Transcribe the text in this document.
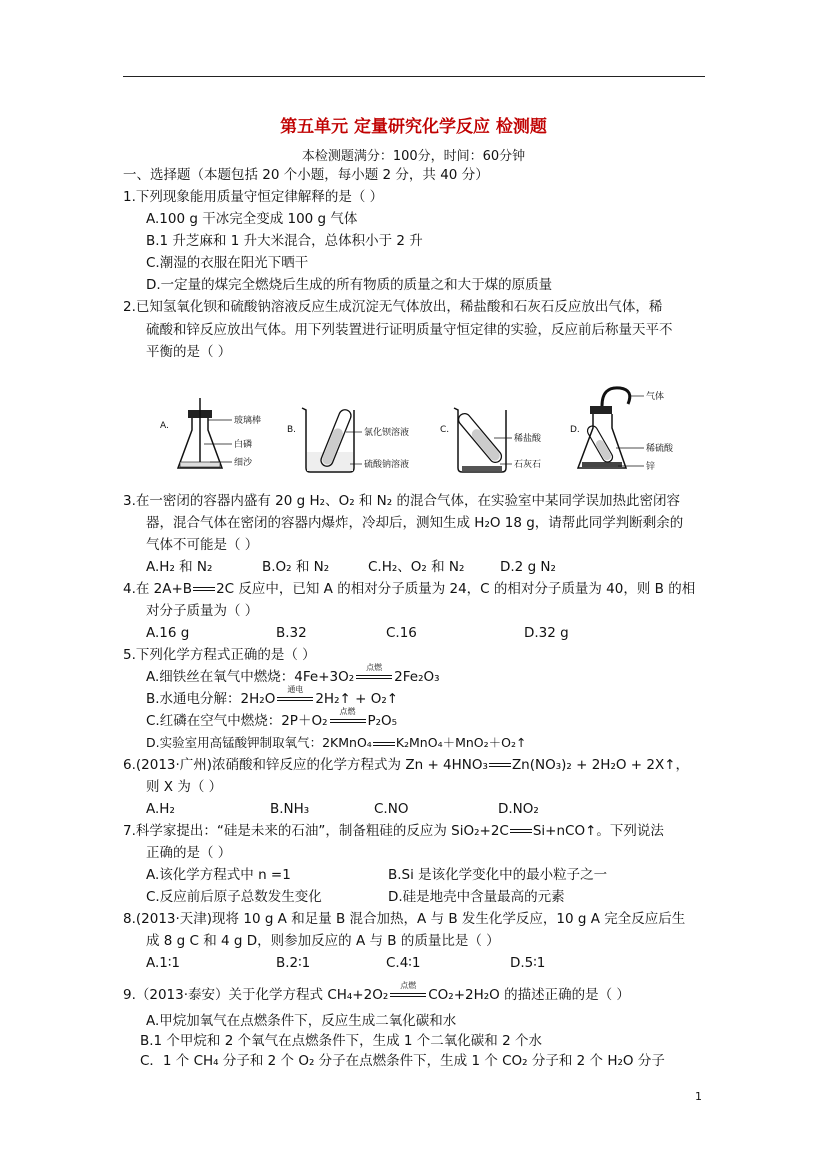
第五单元 定量研究化学反应 检测题
本检测题满分：100分，时间：60分钟
一、选择题（本题包括 20 个小题，每小题 2 分，共 40 分）
1.下列现象能用质量守恒定律解释的是（ ）
A.100 g 干冰完全变成 100 g 气体
B.1 升芝麻和 1 升大米混合，总体积小于 2 升
C.潮湿的衣服在阳光下晒干
D.一定量的煤完全燃烧后生成的所有物质的质量之和大于煤的原质量
2.已知氢氧化钡和硫酸钠溶液反应生成沉淀无气体放出，稀盐酸和石灰石反应放出气体，稀
硫酸和锌反应放出气体。用下列装置进行证明质量守恒定律的实验，反应前后称量天平不
平衡的是（ ）
A.	玻璃棒
白磷
细沙
B.	氯化钡溶液
硫酸钠溶液
C.
稀盐酸
石灰石
D.
气体
稀硫酸
锌
3.在一密闭的容器内盛有 20 g H₂、O₂ 和 N₂ 的混合气体，在实验室中某同学误加热此密闭容
器，混合气体在密闭的容器内爆炸，冷却后，测知生成 H₂O 18 g，请帮此同学判断剩余的
气体不可能是（ ）
A.H₂ 和 N₂	B.O₂ 和 N₂	C.H₂、O₂ 和 N₂	D.2 g N₂
4.在 2A+B 2C 反应中，已知 A 的相对分子质量为 24，C 的相对分子质量为 40，则 B 的相
对分子质量为（ ）
A.16 g	B.32	C.16	D.32 g
5.下列化学方程式正确的是（ ）
A.细铁丝在氧气中燃烧：4Fe+3O₂
点燃
2Fe₂O₃
B.水通电分解：2H₂O
通电
2H₂↑ + O₂↑
C.红磷在空气中燃烧：2P＋O₂
点燃
P₂O₅
D.实验室用高锰酸钾制取氧气：2KMnO₄ K₂MnO₄＋MnO₂＋O₂↑
6.(2013·广州)浓硝酸和锌反应的化学方程式为 Zn + 4HNO₃ Zn(NO₃)₂ + 2H₂O + 2X↑，
则 X 为（ ）
A.H₂	B.NH₃	C.NO	D.NO₂
7.科学家提出：“硅是未来的石油”，制备粗硅的反应为 SiO₂+2C Si+nCO↑。下列说法
正确的是（ ）
A.该化学方程式中 n =1	B.Si 是该化学变化中的最小粒子之一
C.反应前后原子总数发生变化	D.硅是地壳中含量最高的元素
8.(2013·天津)现将 10 g A 和足量 B 混合加热，A 与 B 发生化学反应，10 g A 完全反应后生
成 8 g C 和 4 g D，则参加反应的 A 与 B 的质量比是（ ）
A.1∶1	B.2∶1	C.4∶1	D.5∶1
9.（2013·泰安）关于化学方程式 CH₄+2O₂
点燃
CO₂+2H₂O 的描述正确的是（ ）
A.甲烷加氧气在点燃条件下，反应生成二氧化碳和水
B.1 个甲烷和 2 个氧气在点燃条件下，生成 1 个二氧化碳和 2 个水
C．1 个 CH₄ 分子和 2 个 O₂ 分子在点燃条件下，生成 1 个 CO₂ 分子和 2 个 H₂O 分子
1
